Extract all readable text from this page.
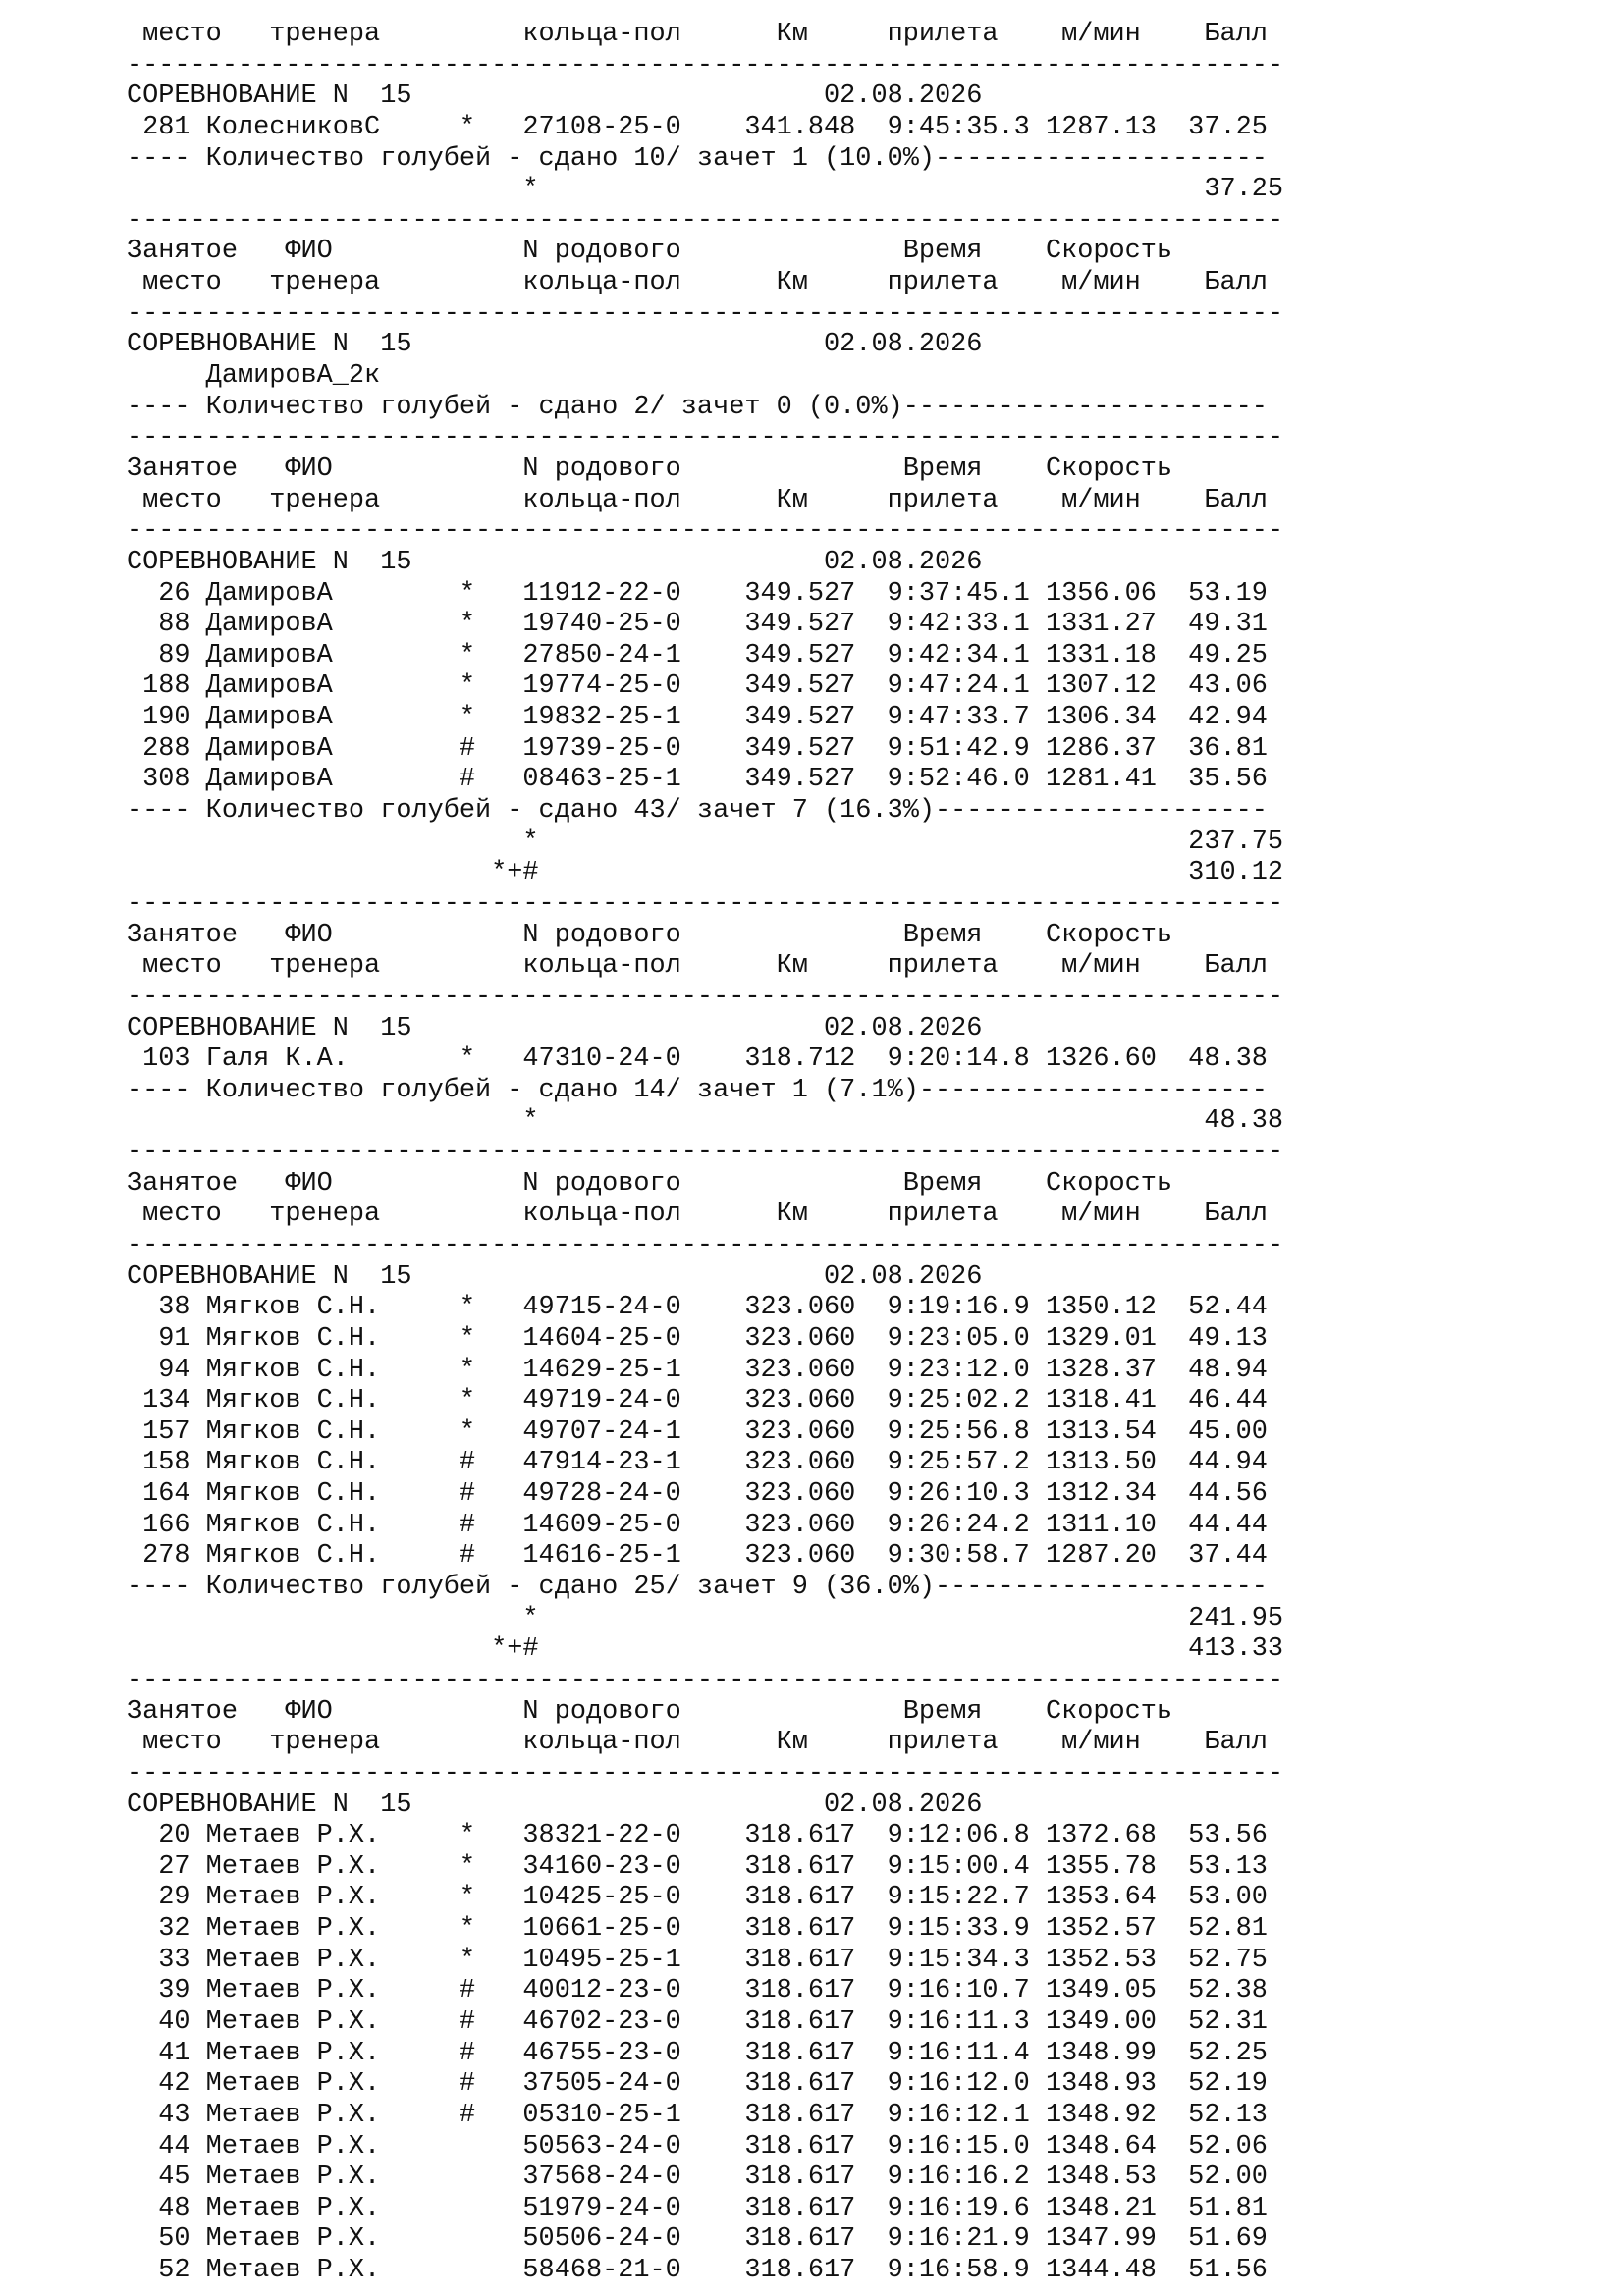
место   тренера         кольца-пол      Км     прилета    м/мин    Балл
-------------------------------------------------------------------------
СОРЕВНОВАНИЕ N  15                          02.08.2026
281 КолесниковС     *   27108-25-0    341.848  9:45:35.3 1287.13  37.25
---- Количество голубей - сдано 10/ зачет 1 (10.0%)---------------------
*                                          37.25
-------------------------------------------------------------------------
Занятое   ФИО            N родового              Время    Скорость
место   тренера         кольца-пол      Км     прилета    м/мин    Балл
-------------------------------------------------------------------------
СОРЕВНОВАНИЕ N  15                          02.08.2026
ДамировА_2к
---- Количество голубей - сдано 2/ зачет 0 (0.0%)-----------------------
-------------------------------------------------------------------------
Занятое   ФИО            N родового              Время    Скорость
место   тренера         кольца-пол      Км     прилета    м/мин    Балл
-------------------------------------------------------------------------
СОРЕВНОВАНИЕ N  15                          02.08.2026
26 ДамировА        *   11912-22-0    349.527  9:37:45.1 1356.06  53.19
88 ДамировА        *   19740-25-0    349.527  9:42:33.1 1331.27  49.31
89 ДамировА        *   27850-24-1    349.527  9:42:34.1 1331.18  49.25
188 ДамировА        *   19774-25-0    349.527  9:47:24.1 1307.12  43.06
190 ДамировА        *   19832-25-1    349.527  9:47:33.7 1306.34  42.94
288 ДамировА        #   19739-25-0    349.527  9:51:42.9 1286.37  36.81
308 ДамировА        #   08463-25-1    349.527  9:52:46.0 1281.41  35.56
---- Количество голубей - сдано 43/ зачет 7 (16.3%)---------------------
*                                         237.75
*+#                                         310.12
-------------------------------------------------------------------------
Занятое   ФИО            N родового              Время    Скорость
место   тренера         кольца-пол      Км     прилета    м/мин    Балл
-------------------------------------------------------------------------
СОРЕВНОВАНИЕ N  15                          02.08.2026
103 Галя К.А.       *   47310-24-0    318.712  9:20:14.8 1326.60  48.38
---- Количество голубей - сдано 14/ зачет 1 (7.1%)----------------------
*                                          48.38
-------------------------------------------------------------------------
Занятое   ФИО            N родового              Время    Скорость
место   тренера         кольца-пол      Км     прилета    м/мин    Балл
-------------------------------------------------------------------------
СОРЕВНОВАНИЕ N  15                          02.08.2026
38 Мягков С.Н.     *   49715-24-0    323.060  9:19:16.9 1350.12  52.44
91 Мягков С.Н.     *   14604-25-0    323.060  9:23:05.0 1329.01  49.13
94 Мягков С.Н.     *   14629-25-1    323.060  9:23:12.0 1328.37  48.94
134 Мягков С.Н.     *   49719-24-0    323.060  9:25:02.2 1318.41  46.44
157 Мягков С.Н.     *   49707-24-1    323.060  9:25:56.8 1313.54  45.00
158 Мягков С.Н.     #   47914-23-1    323.060  9:25:57.2 1313.50  44.94
164 Мягков С.Н.     #   49728-24-0    323.060  9:26:10.3 1312.34  44.56
166 Мягков С.Н.     #   14609-25-0    323.060  9:26:24.2 1311.10  44.44
278 Мягков С.Н.     #   14616-25-1    323.060  9:30:58.7 1287.20  37.44
---- Количество голубей - сдано 25/ зачет 9 (36.0%)---------------------
*                                         241.95
*+#                                         413.33
-------------------------------------------------------------------------
Занятое   ФИО            N родового              Время    Скорость
место   тренера         кольца-пол      Км     прилета    м/мин    Балл
-------------------------------------------------------------------------
СОРЕВНОВАНИЕ N  15                          02.08.2026
20 Метаев Р.Х.     *   38321-22-0    318.617  9:12:06.8 1372.68  53.56
27 Метаев Р.Х.     *   34160-23-0    318.617  9:15:00.4 1355.78  53.13
29 Метаев Р.Х.     *   10425-25-0    318.617  9:15:22.7 1353.64  53.00
32 Метаев Р.Х.     *   10661-25-0    318.617  9:15:33.9 1352.57  52.81
33 Метаев Р.Х.     *   10495-25-1    318.617  9:15:34.3 1352.53  52.75
39 Метаев Р.Х.     #   40012-23-0    318.617  9:16:10.7 1349.05  52.38
40 Метаев Р.Х.     #   46702-23-0    318.617  9:16:11.3 1349.00  52.31
41 Метаев Р.Х.     #   46755-23-0    318.617  9:16:11.4 1348.99  52.25
42 Метаев Р.Х.     #   37505-24-0    318.617  9:16:12.0 1348.93  52.19
43 Метаев Р.Х.     #   05310-25-1    318.617  9:16:12.1 1348.92  52.13
44 Метаев Р.Х.         50563-24-0    318.617  9:16:15.0 1348.64  52.06
45 Метаев Р.Х.         37568-24-0    318.617  9:16:16.2 1348.53  52.00
48 Метаев Р.Х.         51979-24-0    318.617  9:16:19.6 1348.21  51.81
50 Метаев Р.Х.         50506-24-0    318.617  9:16:21.9 1347.99  51.69
52 Метаев Р.Х.         58468-21-0    318.617  9:16:58.9 1344.48  51.56
